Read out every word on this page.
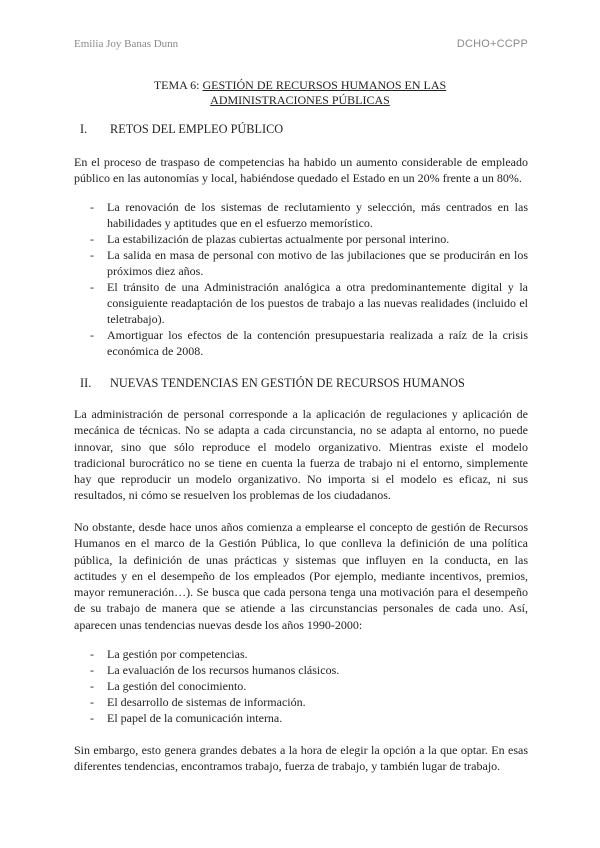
Emilia Joy Banas Dunn	DCHO+CCPP
TEMA 6: GESTIÓN DE RECURSOS HUMANOS EN LAS
ADMINISTRACIONES PÚBLICAS
I. RETOS DEL EMPLEO PÚBLICO

En el proceso de traspaso de competencias ha habido un aumento considerable de empleado público en las autonomías y local, habiéndose quedado el Estado en un 20% frente a un 80%.

- La renovación de los sistemas de reclutamiento y selección, más centrados en las habilidades y aptitudes que en el esfuerzo memorístico.
- La estabilización de plazas cubiertas actualmente por personal interino.
- La salida en masa de personal con motivo de las jubilaciones que se producirán en los próximos diez años.
- El tránsito de una Administración analógica a otra predominantemente digital y la consiguiente readaptación de los puestos de trabajo a las nuevas realidades (incluido el teletrabajo).
- Amortiguar los efectos de la contención presupuestaria realizada a raíz de la crisis económica de 2008.
II. NUEVAS TENDENCIAS EN GESTIÓN DE RECURSOS HUMANOS

La administración de personal corresponde a la aplicación de regulaciones y aplicación de mecánica de técnicas. No se adapta a cada circunstancia, no se adapta al entorno, no puede innovar, sino que sólo reproduce el modelo organizativo. Mientras existe el modelo tradicional burocrático no se tiene en cuenta la fuerza de trabajo ni el entorno, simplemente hay que reproducir un modelo organizativo. No importa si el modelo es eficaz, ni sus resultados, ni cómo se resuelven los problemas de los ciudadanos.

No obstante, desde hace unos años comienza a emplearse el concepto de gestión de Recursos Humanos en el marco de la Gestión Pública, lo que conlleva la definición de una política pública, la definición de unas prácticas y sistemas que influyen en la conducta, en las actitudes y en el desempeño de los empleados (Por ejemplo, mediante incentivos, premios, mayor remuneración…). Se busca que cada persona tenga una motivación para el desempeño de su trabajo de manera que se atiende a las circunstancias personales de cada uno. Así, aparecen unas tendencias nuevas desde los años 1990-2000:

- La gestión por competencias.
- La evaluación de los recursos humanos clásicos.
- La gestión del conocimiento.
- El desarrollo de sistemas de información.
- El papel de la comunicación interna.

Sin embargo, esto genera grandes debates a la hora de elegir la opción a la que optar. En esas diferentes tendencias, encontramos trabajo, fuerza de trabajo, y también lugar de trabajo.
